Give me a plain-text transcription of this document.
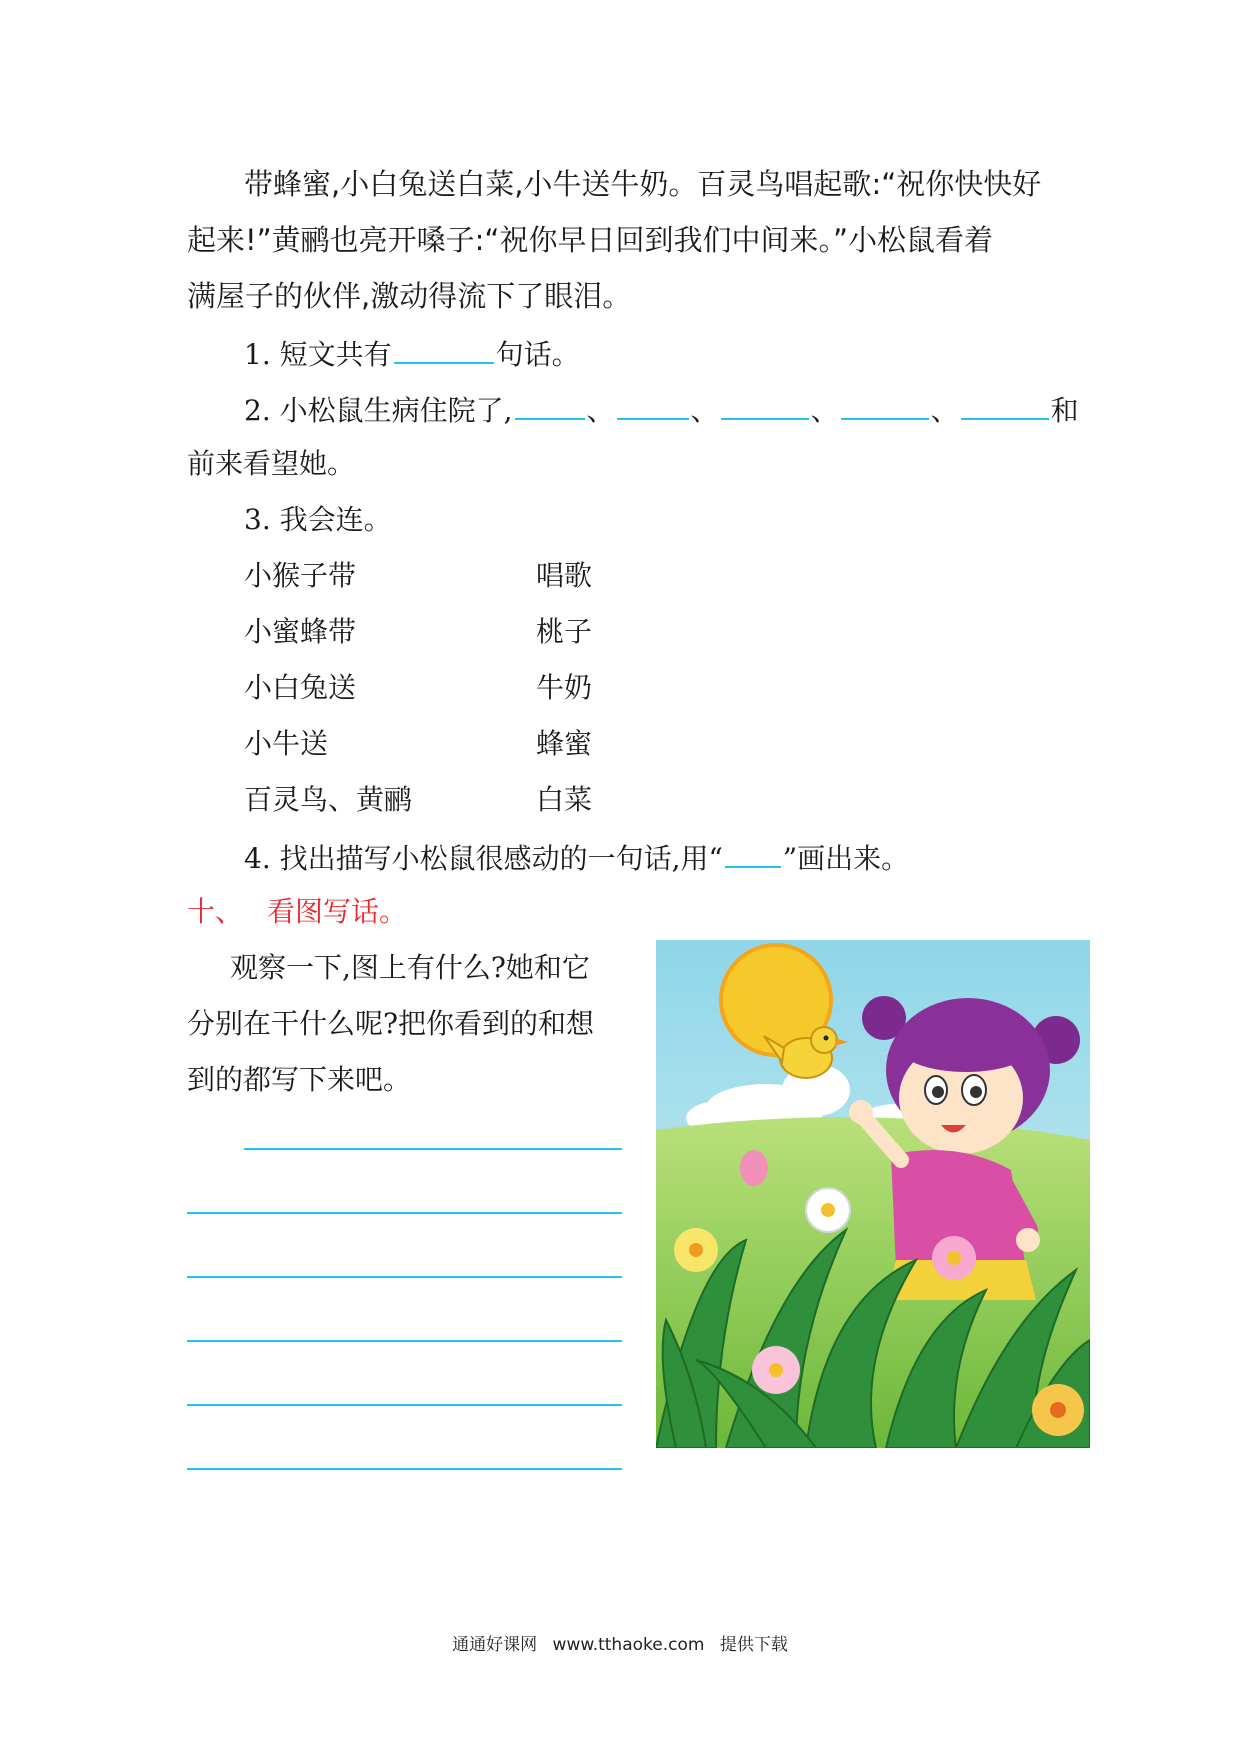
带蜂蜜,小白兔送白菜,小牛送牛奶。百灵鸟唱起歌:“祝你快快好
起来!”黄鹂也亮开嗓子:“祝你早日回到我们中间来。”小松鼠看着
满屋子的伙伴,激动得流下了眼泪。
1. 短文共有	句话。
2. 小松鼠生病住院了,	、	、	、	、	和
前来看望她。
3. 我会连。
小猴子带	唱歌
小蜜蜂带	桃子
小白兔送	牛奶
小牛送	蜂蜜
百灵鸟、黄鹂	白菜
4. 找出描写小松鼠很感动的一句话,用“ ”画出来。
十、 看图写话。
观察一下,图上有什么?她和它
分别在干什么呢?把你看到的和想
到的都写下来吧。
通通好课网 www.tthaoke.com 提供下载
